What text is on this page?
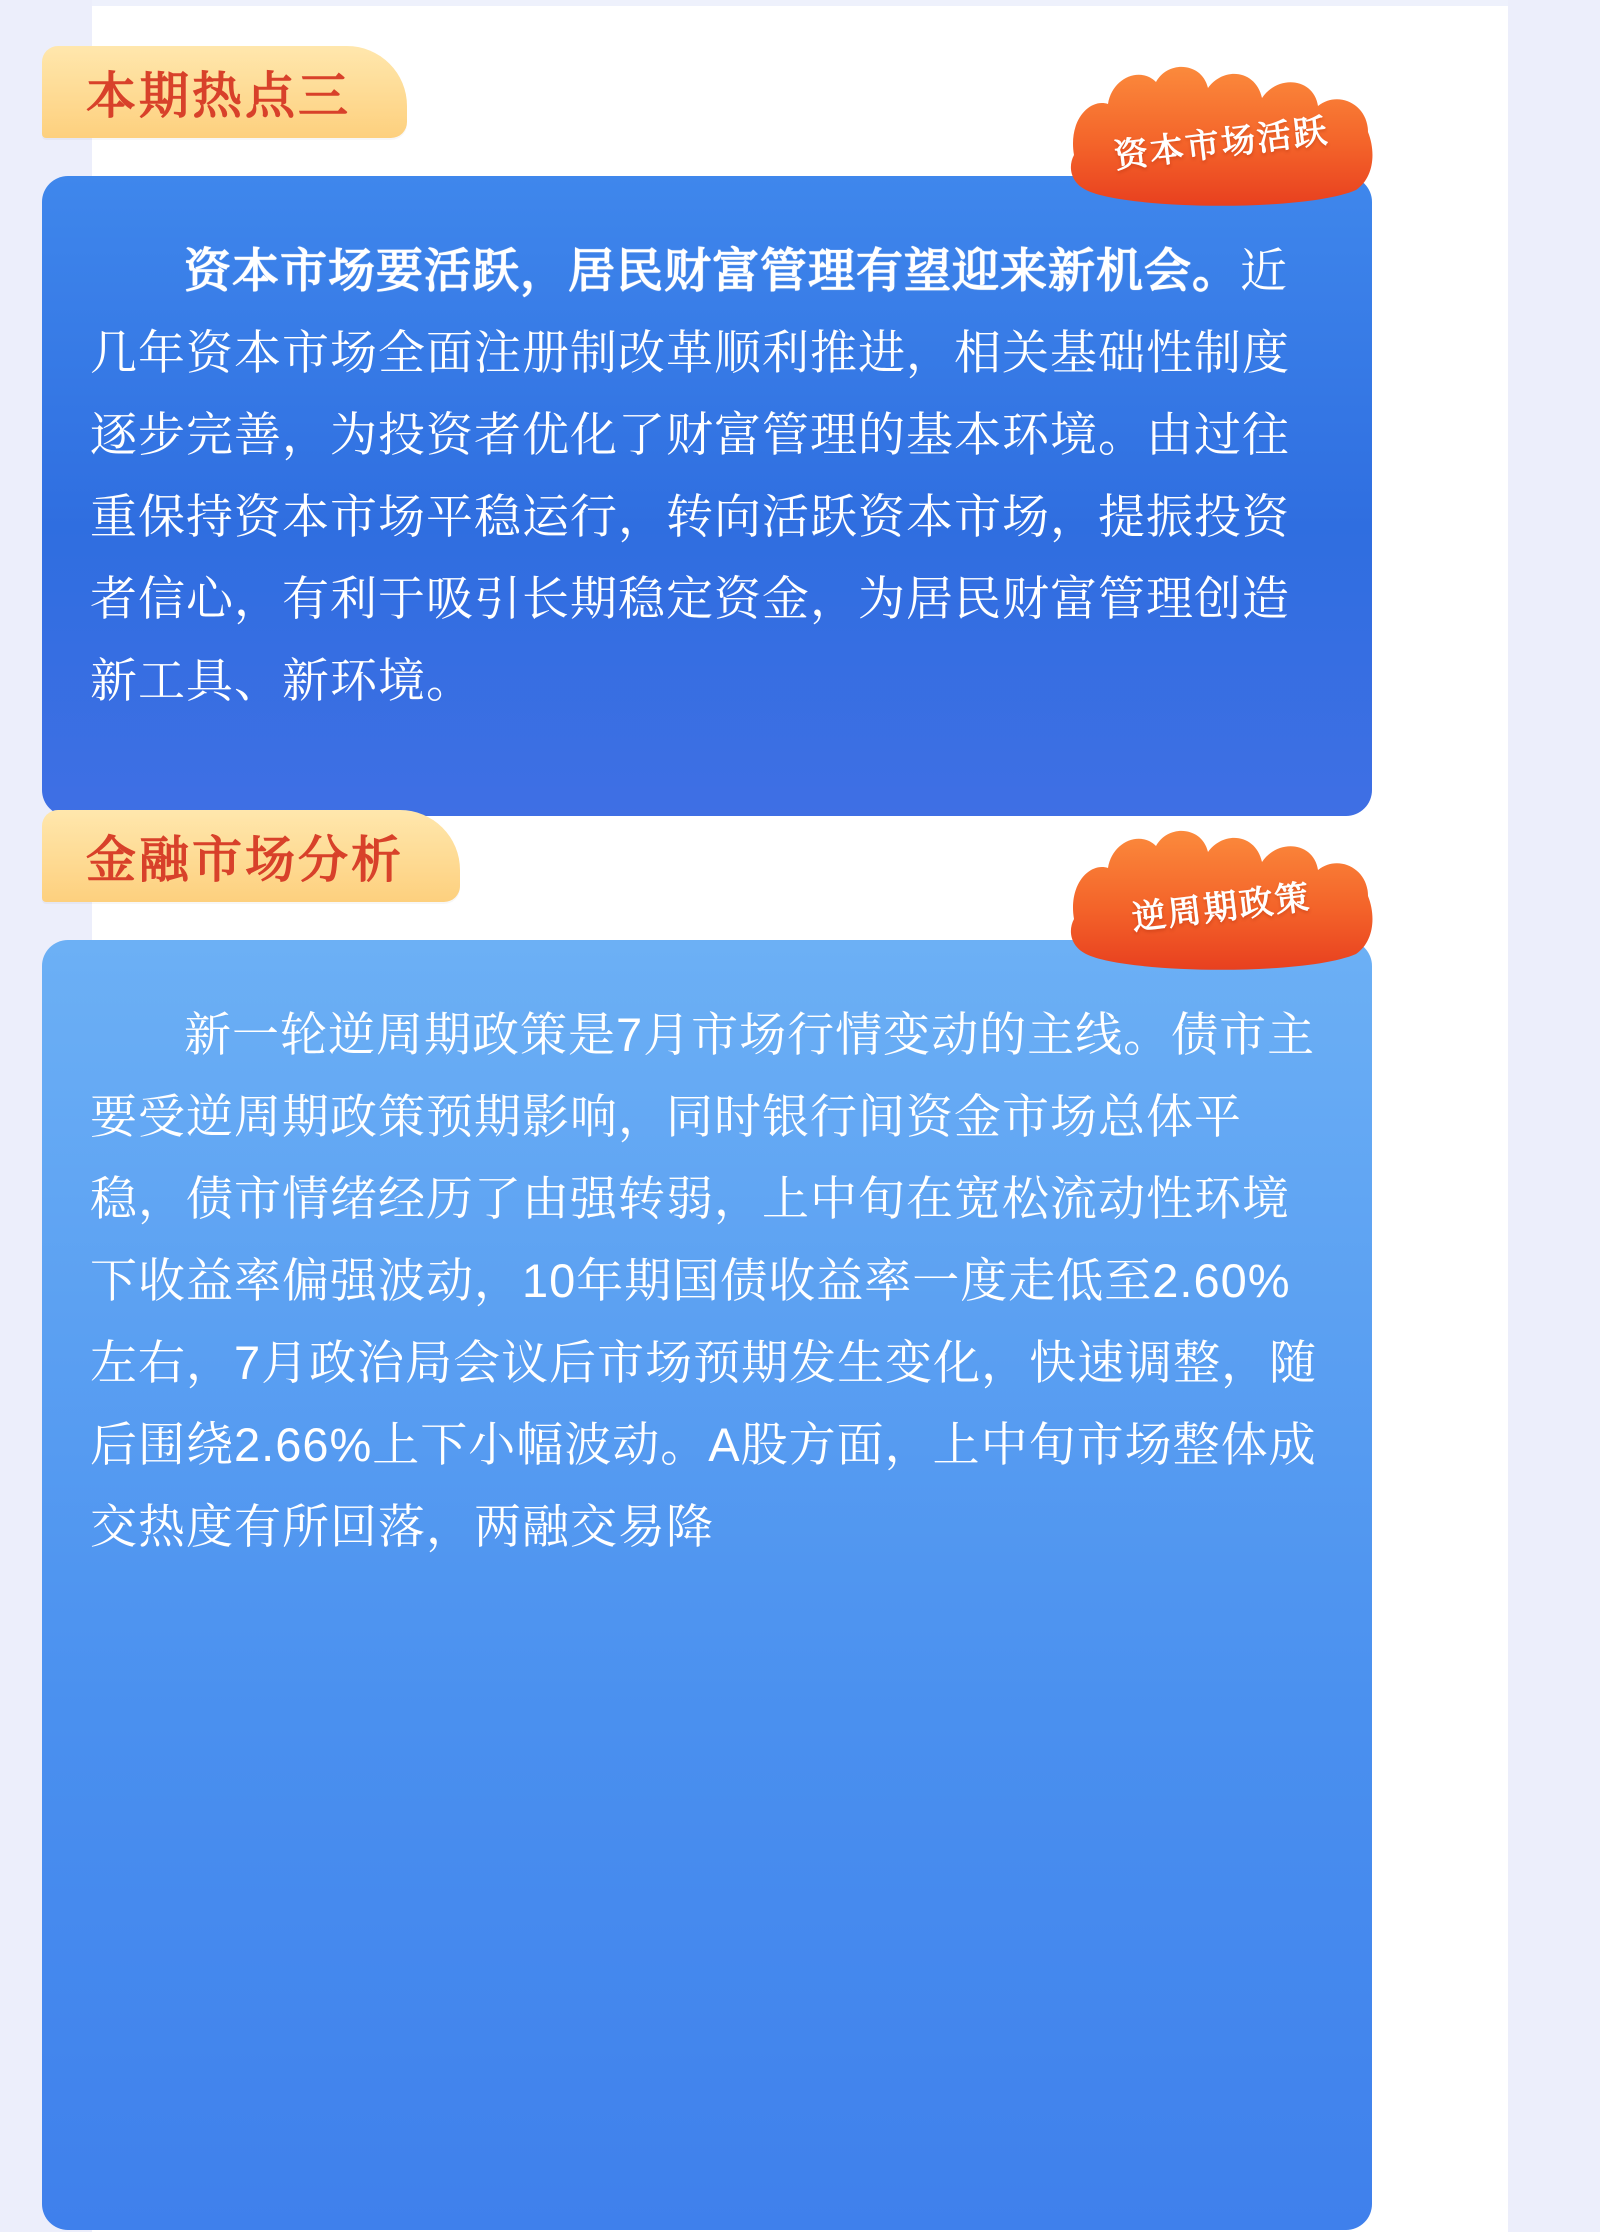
本期热点三
资本市场活跃
资本市场要活跃，居民财富管理有望迎来新机会。近几年资本市场全面注册制改革顺利推进，相关基础性制度逐步完善，为投资者优化了财富管理的基本环境。由过往重保持资本市场平稳运行，转向活跃资本市场，提振投资者信心，有利于吸引长期稳定资金，为居民财富管理创造新工具、新环境。
金融市场分析
逆周期政策
新一轮逆周期政策是7月市场行情变动的主线。债市主要受逆周期政策预期影响，同时银行间资金市场总体平稳，债市情绪经历了由强转弱，上中旬在宽松流动性环境下收益率偏强波动，10年期国债收益率一度走低至2.60%左右，7月政治局会议后市场预期发生变化，快速调整，随后围绕2.66%上下小幅波动。A股方面，上中旬市场整体成交热度有所回落，两融交易降
